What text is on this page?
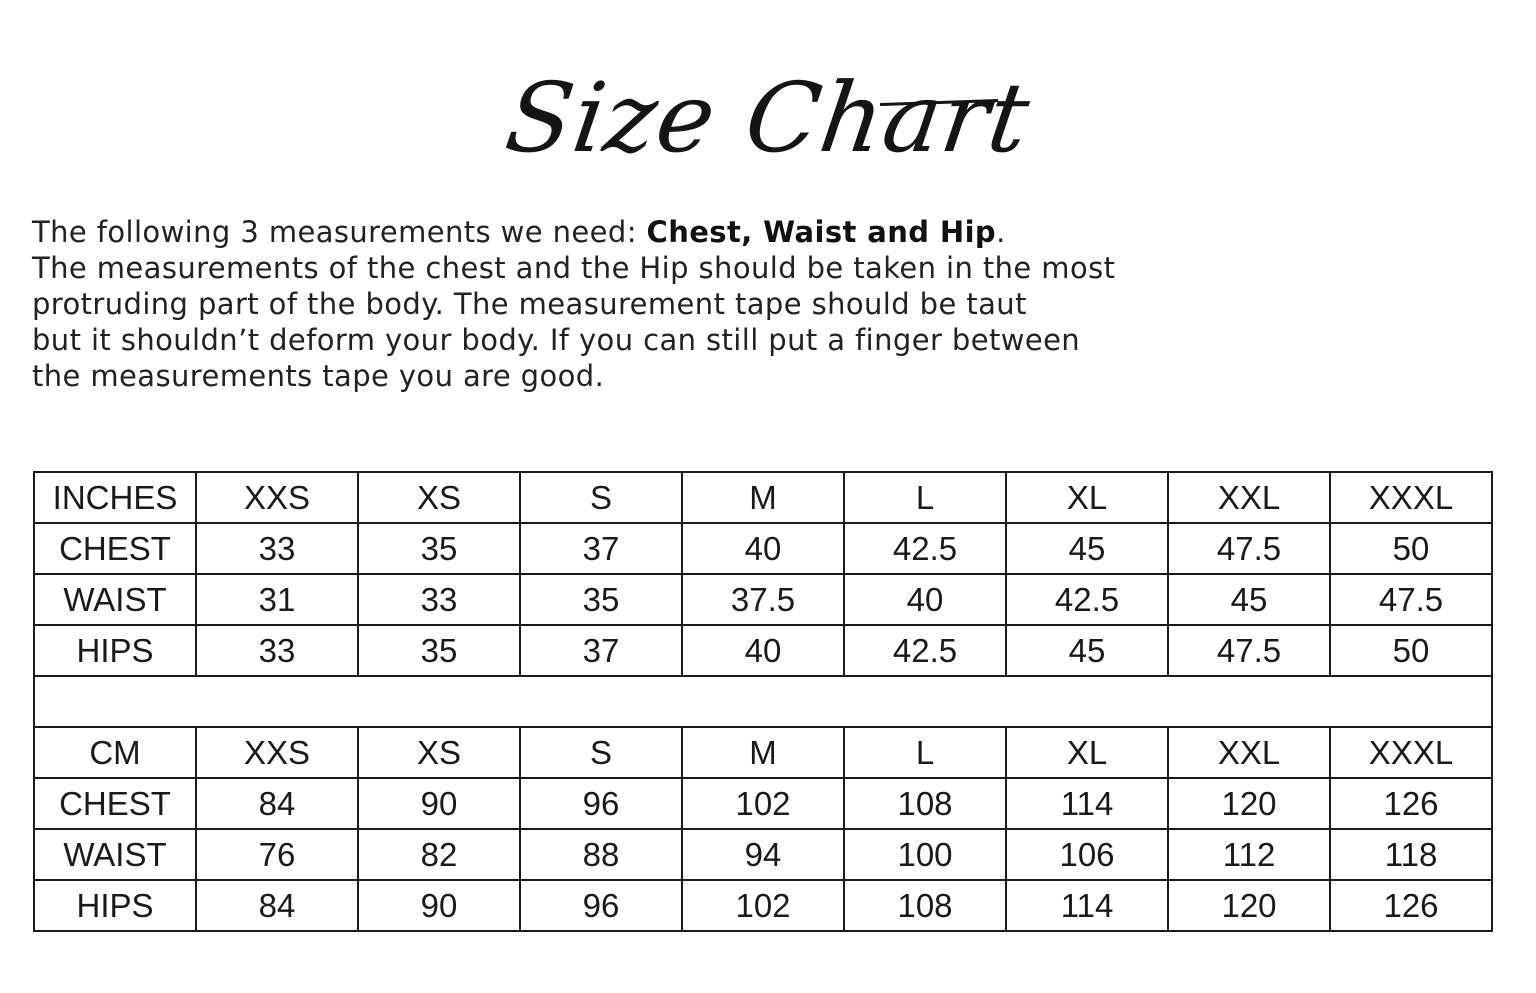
Size Chart

The following 3 measurements we need: Chest, Waist and Hip.

The measurements of the chest and the Hip should be taken in the most

protruding part of the body. The measurement tape should be taut

but it shouldn’t deform your body. If you can still put a finger between

the measurements tape you are good.

INCHES	XXS	XS	S	M	L	XL	XXL	XXXL
CHEST	33	35	37	40	42.5	45	47.5	50
WAIST	31	33	35	37.5	40	42.5	45	47.5
HIPS	33	35	37	40	42.5	45	47.5	50

CM	XXS	XS	S	M	L	XL	XXL	XXXL
CHEST	84	90	96	102	108	114	120	126
WAIST	76	82	88	94	100	106	112	118
HIPS	84	90	96	102	108	114	120	126
